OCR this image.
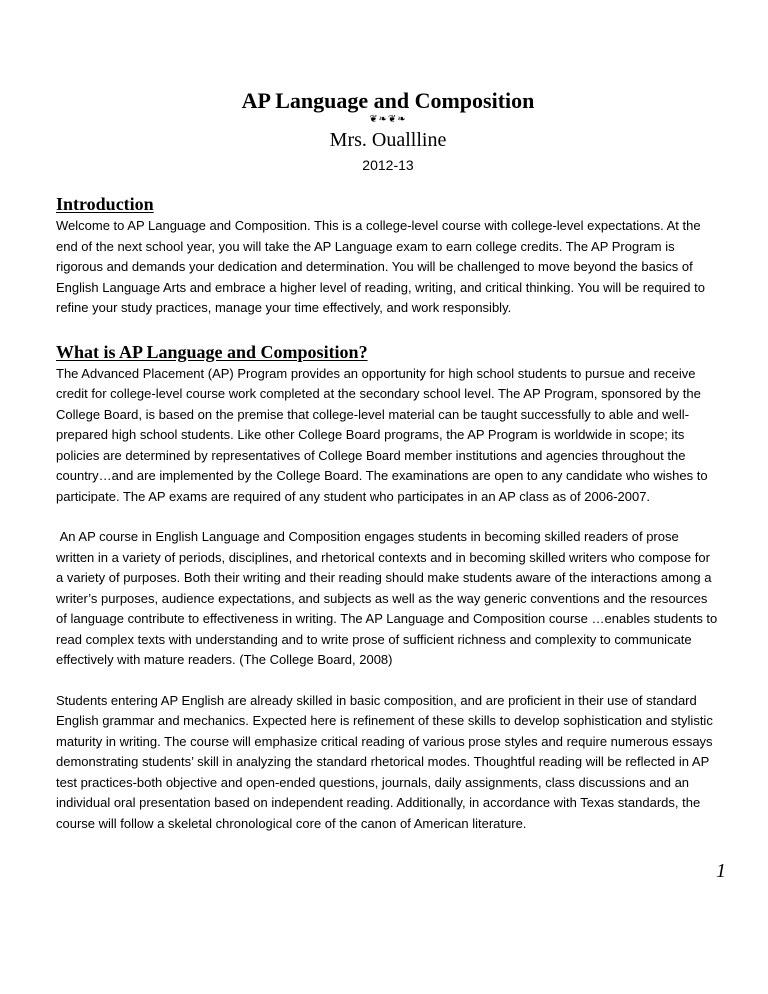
AP Language and Composition

❦❧❦❧

Mrs. Ouallline

2012-13

Introduction

Welcome to AP Language and Composition. This is a college-level course with college-level expectations. At the end of the next school year, you will take the AP Language exam to earn college credits. The AP Program is rigorous and demands your dedication and determination. You will be challenged to move beyond the basics of English Language Arts and embrace a higher level of reading, writing, and critical thinking. You will be required to refine your study practices, manage your time effectively, and work responsibly.

What is AP Language and Composition?

The Advanced Placement (AP) Program provides an opportunity for high school students to pursue and receive credit for college-level course work completed at the secondary school level. The AP Program, sponsored by the College Board, is based on the premise that college-level material can be taught successfully to able and well-prepared high school students. Like other College Board programs, the AP Program is worldwide in scope; its policies are determined by representatives of College Board member institutions and agencies throughout the country…and are implemented by the College Board. The examinations are open to any candidate who wishes to participate. The AP exams are required of any student who participates in an AP class as of 2006-2007.

An AP course in English Language and Composition engages students in becoming skilled readers of prose written in a variety of periods, disciplines, and rhetorical contexts and in becoming skilled writers who compose for a variety of purposes. Both their writing and their reading should make students aware of the interactions among a writer’s purposes, audience expectations, and subjects as well as the way generic conventions and the resources of language contribute to effectiveness in writing. The AP Language and Composition course …enables students to read complex texts with understanding and to write prose of sufficient richness and complexity to communicate effectively with mature readers. (The College Board, 2008)

Students entering AP English are already skilled in basic composition, and are proficient in their use of standard English grammar and mechanics. Expected here is refinement of these skills to develop sophistication and stylistic maturity in writing. The course will emphasize critical reading of various prose styles and require numerous essays demonstrating students’ skill in analyzing the standard rhetorical modes. Thoughtful reading will be reflected in AP test practices-both objective and open-ended questions, journals, daily assignments, class discussions and an individual oral presentation based on independent reading. Additionally, in accordance with Texas standards, the course will follow a skeletal chronological core of the canon of American literature.

1
